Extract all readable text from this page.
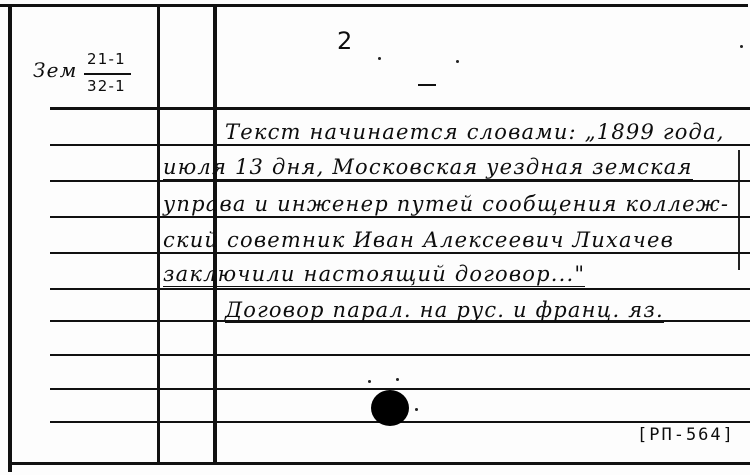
2
Зем 21-1
32-1
Текст начинается словами: „1899 года,
июля 13 дня, Московская уездная земская
управа и инженер путей сообщения коллеж-
ский советник Иван Алексеевич Лихачев
заключили настоящий договор..."
Договор парал. на рус. и франц. яз.
[РП-564]
